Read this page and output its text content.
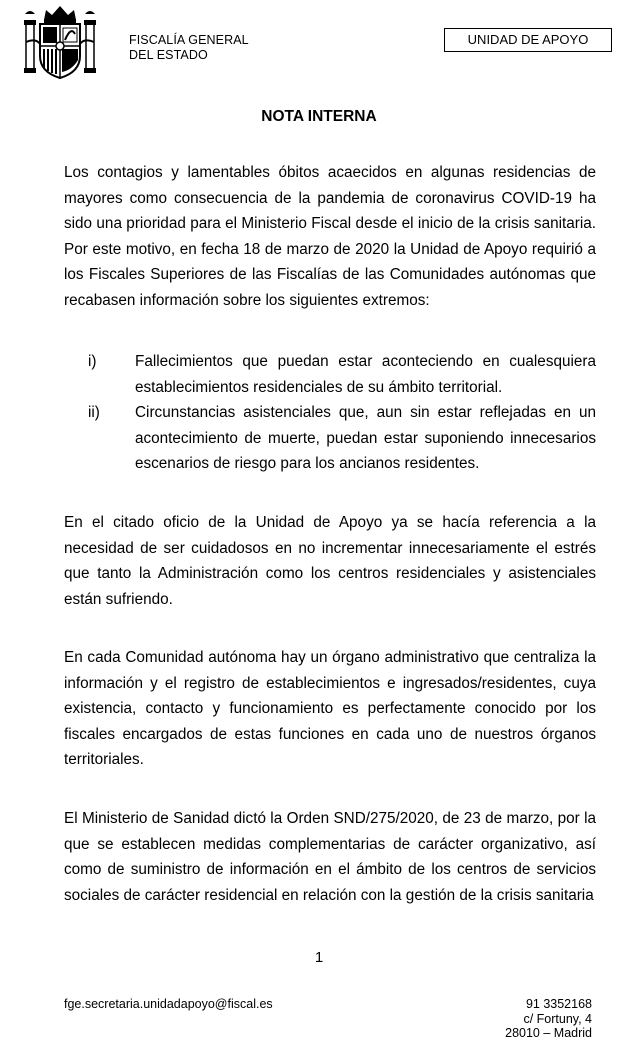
FISCALÍA GENERAL
DEL ESTADO
UNIDAD DE APOYO
NOTA INTERNA
Los contagios y lamentables óbitos acaecidos en algunas residencias de mayores como consecuencia de la pandemia de coronavirus COVID-19 ha sido una prioridad para el Ministerio Fiscal desde el inicio de la crisis sanitaria. Por este motivo, en fecha 18 de marzo de 2020 la Unidad de Apoyo requirió a los Fiscales Superiores de las Fiscalías de las Comunidades autónomas que recabasen información sobre los siguientes extremos:
i)	Fallecimientos que puedan estar aconteciendo en cualesquiera establecimientos residenciales de su ámbito territorial.
ii) Circunstancias asistenciales que, aun sin estar reflejadas en un acontecimiento de muerte, puedan estar suponiendo innecesarios escenarios de riesgo para los ancianos residentes.
En el citado oficio de la Unidad de Apoyo ya se hacía referencia a la necesidad de ser cuidadosos en no incrementar innecesariamente el estrés que tanto la Administración como los centros residenciales y asistenciales están sufriendo.
En cada Comunidad autónoma hay un órgano administrativo que centraliza la información y el registro de establecimientos e ingresados/residentes, cuya existencia, contacto y funcionamiento es perfectamente conocido por los fiscales encargados de estas funciones en cada uno de nuestros órganos territoriales.
El Ministerio de Sanidad dictó la Orden SND/275/2020, de 23 de marzo, por la que se establecen medidas complementarias de carácter organizativo, así como de suministro de información en el ámbito de los centros de servicios sociales de carácter residencial en relación con la gestión de la crisis sanitaria
1
fge.secretaria.unidadapoyo@fiscal.es	91 3352168
c/ Fortuny, 4
28010 – Madrid
